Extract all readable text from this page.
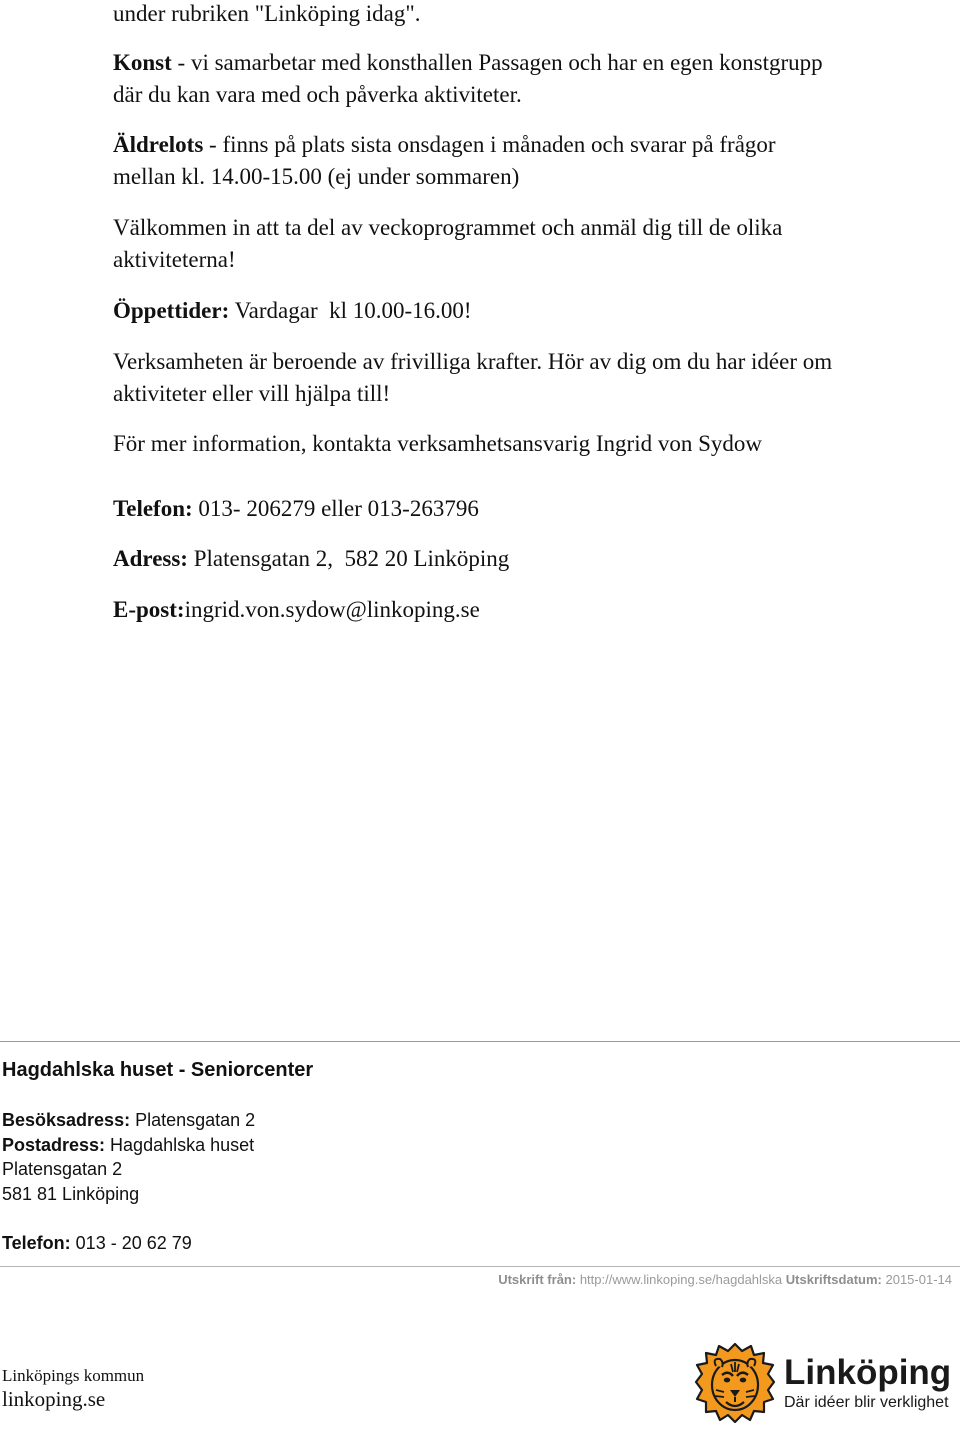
under rubriken "Linköping idag".

Konst - vi samarbetar med konsthallen Passagen och har en egen konstgrupp där du kan vara med och påverka aktiviteter.

Äldrelots - finns på plats sista onsdagen i månaden och svarar på frågor mellan kl. 14.00-15.00 (ej under sommaren)

Välkommen in att ta del av veckoprogrammet och anmäl dig till de olika aktiviteterna!

Öppettider: Vardagar  kl 10.00-16.00!

Verksamheten är beroende av frivilliga krafter. Hör av dig om du har idéer om aktiviteter eller vill hjälpa till!

För mer information, kontakta verksamhetsansvarig Ingrid von Sydow

Telefon: 013- 206279 eller 013-263796

Adress: Platensgatan 2,  582 20 Linköping

E-post:ingrid.von.sydow@linkoping.se

Hagdahlska huset - Seniorcenter
Besöksadress: Platensgatan 2
Postadress: Hagdahlska huset
Platensgatan 2
581 81 Linköping
Telefon: 013 - 20 62 79
Utskrift från: http://www.linkoping.se/hagdahlska Utskriftsdatum: 2015-01-14
Linköpings kommun
linkoping.se
Linköping
Där idéer blir verklighet
